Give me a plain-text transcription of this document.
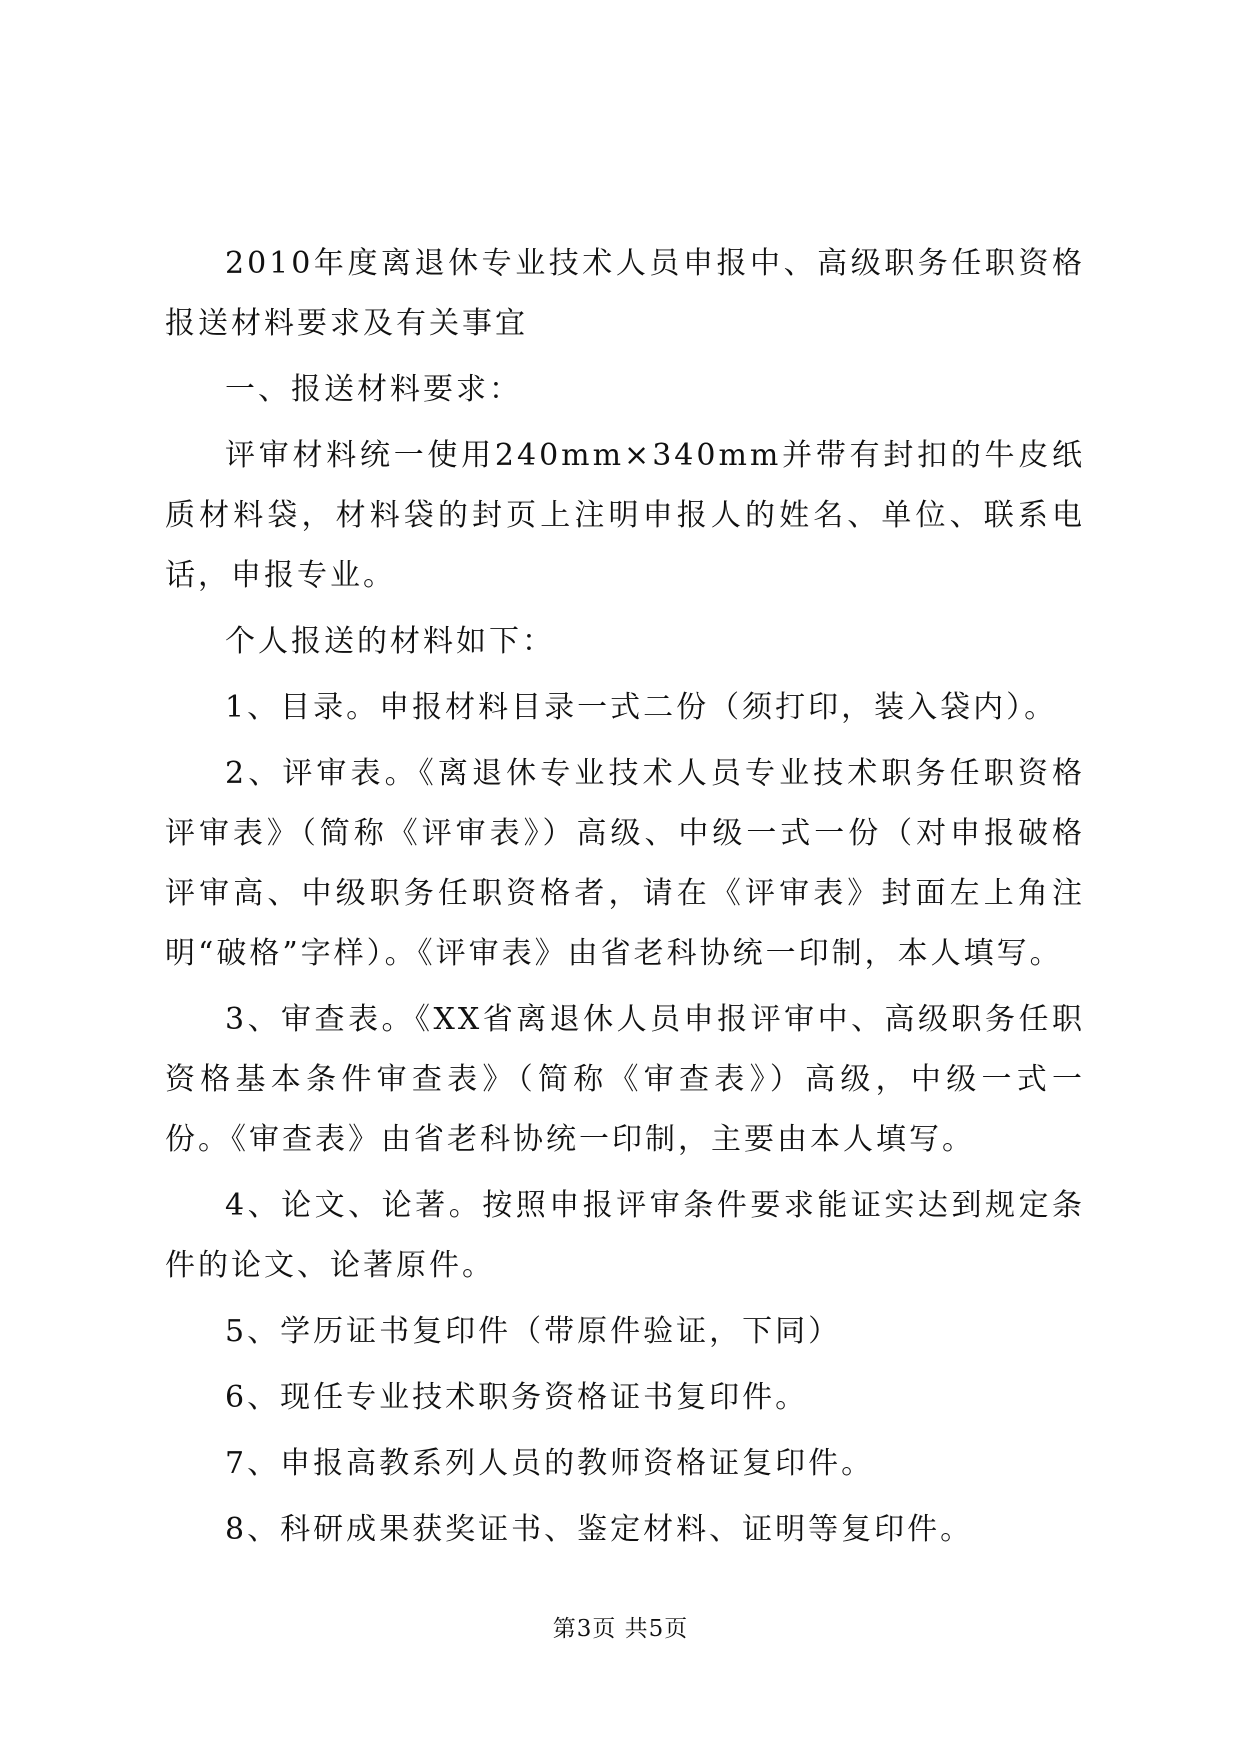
2010年度离退休专业技术人员申报中、高级职务任职资格报送材料要求及有关事宜

一、报送材料要求：

评审材料统一使用240mm×340mm并带有封扣的牛皮纸质材料袋，材料袋的封页上注明申报人的姓名、单位、联系电话，申报专业。

个人报送的材料如下：

1、目录。申报材料目录一式二份（须打印，装入袋内）。

2、评审表。《离退休专业技术人员专业技术职务任职资格评审表》（简称《评审表》）高级、中级一式一份（对申报破格评审高、中级职务任职资格者，请在《评审表》封面左上角注明“破格”字样）。《评审表》由省老科协统一印制，本人填写。

3、审查表。《XX省离退休人员申报评审中、高级职务任职资格基本条件审查表》（简称《审查表》）高级，中级一式一份。《审查表》由省老科协统一印制，主要由本人填写。

4、论文、论著。按照申报评审条件要求能证实达到规定条件的论文、论著原件。

5、学历证书复印件（带原件验证，下同）

6、现任专业技术职务资格证书复印件。

7、申报高教系列人员的教师资格证复印件。

8、科研成果获奖证书、鉴定材料、证明等复印件。

第3页 共5页
